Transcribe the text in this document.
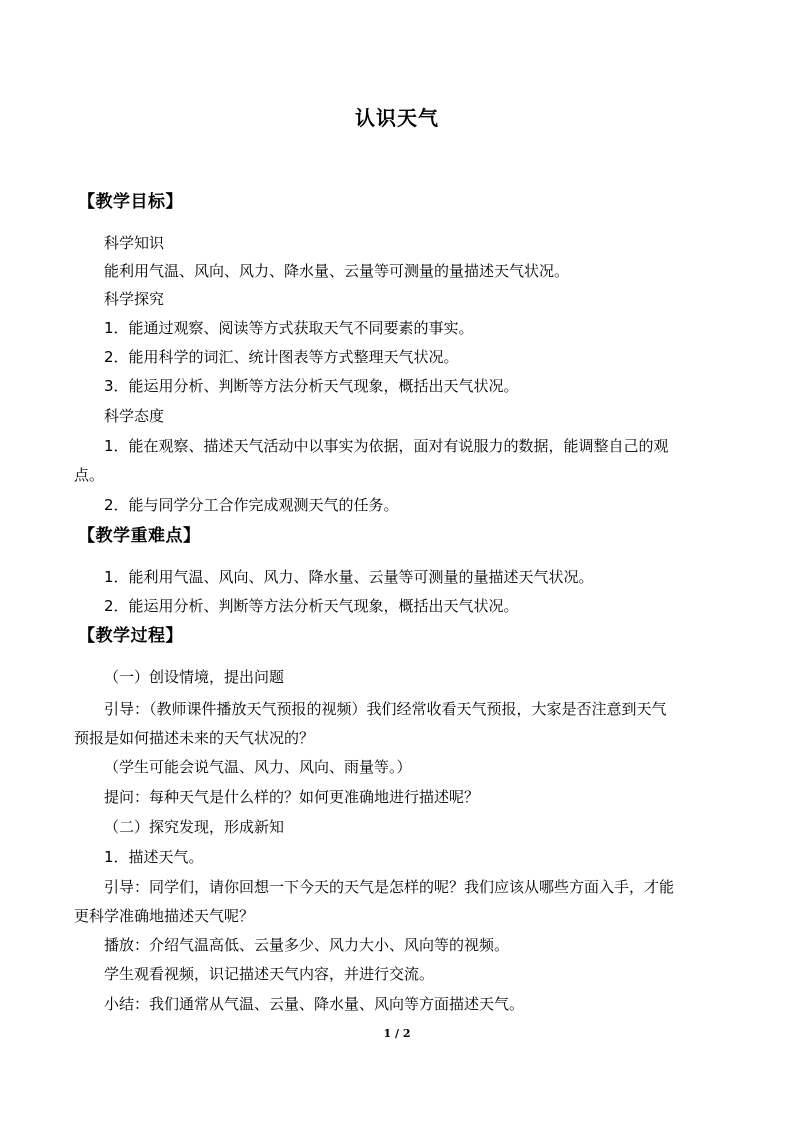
认识天气
【教学目标】
科学知识
能利用气温、风向、风力、降水量、云量等可测量的量描述天气状况。
科学探究
1．能通过观察、阅读等方式获取天气不同要素的事实。
2．能用科学的词汇、统计图表等方式整理天气状况。
3．能运用分析、判断等方法分析天气现象，概括出天气状况。
科学态度
1．能在观察、描述天气活动中以事实为依据，面对有说服力的数据，能调整自己的观
点。
2．能与同学分工合作完成观测天气的任务。
【教学重难点】
1．能利用气温、风向、风力、降水量、云量等可测量的量描述天气状况。
2．能运用分析、判断等方法分析天气现象，概括出天气状况。
【教学过程】
（一）创设情境，提出问题
引导：（教师课件播放天气预报的视频）我们经常收看天气预报，大家是否注意到天气
预报是如何描述未来的天气状况的？
（学生可能会说气温、风力、风向、雨量等。）
提问：每种天气是什么样的？如何更准确地进行描述呢？
（二）探究发现，形成新知
1．描述天气。
引导：同学们，请你回想一下今天的天气是怎样的呢？我们应该从哪些方面入手，才能
更科学准确地描述天气呢？
播放：介绍气温高低、云量多少、风力大小、风向等的视频。
学生观看视频，识记描述天气内容，并进行交流。
小结：我们通常从气温、云量、降水量、风向等方面描述天气。
1 / 2
